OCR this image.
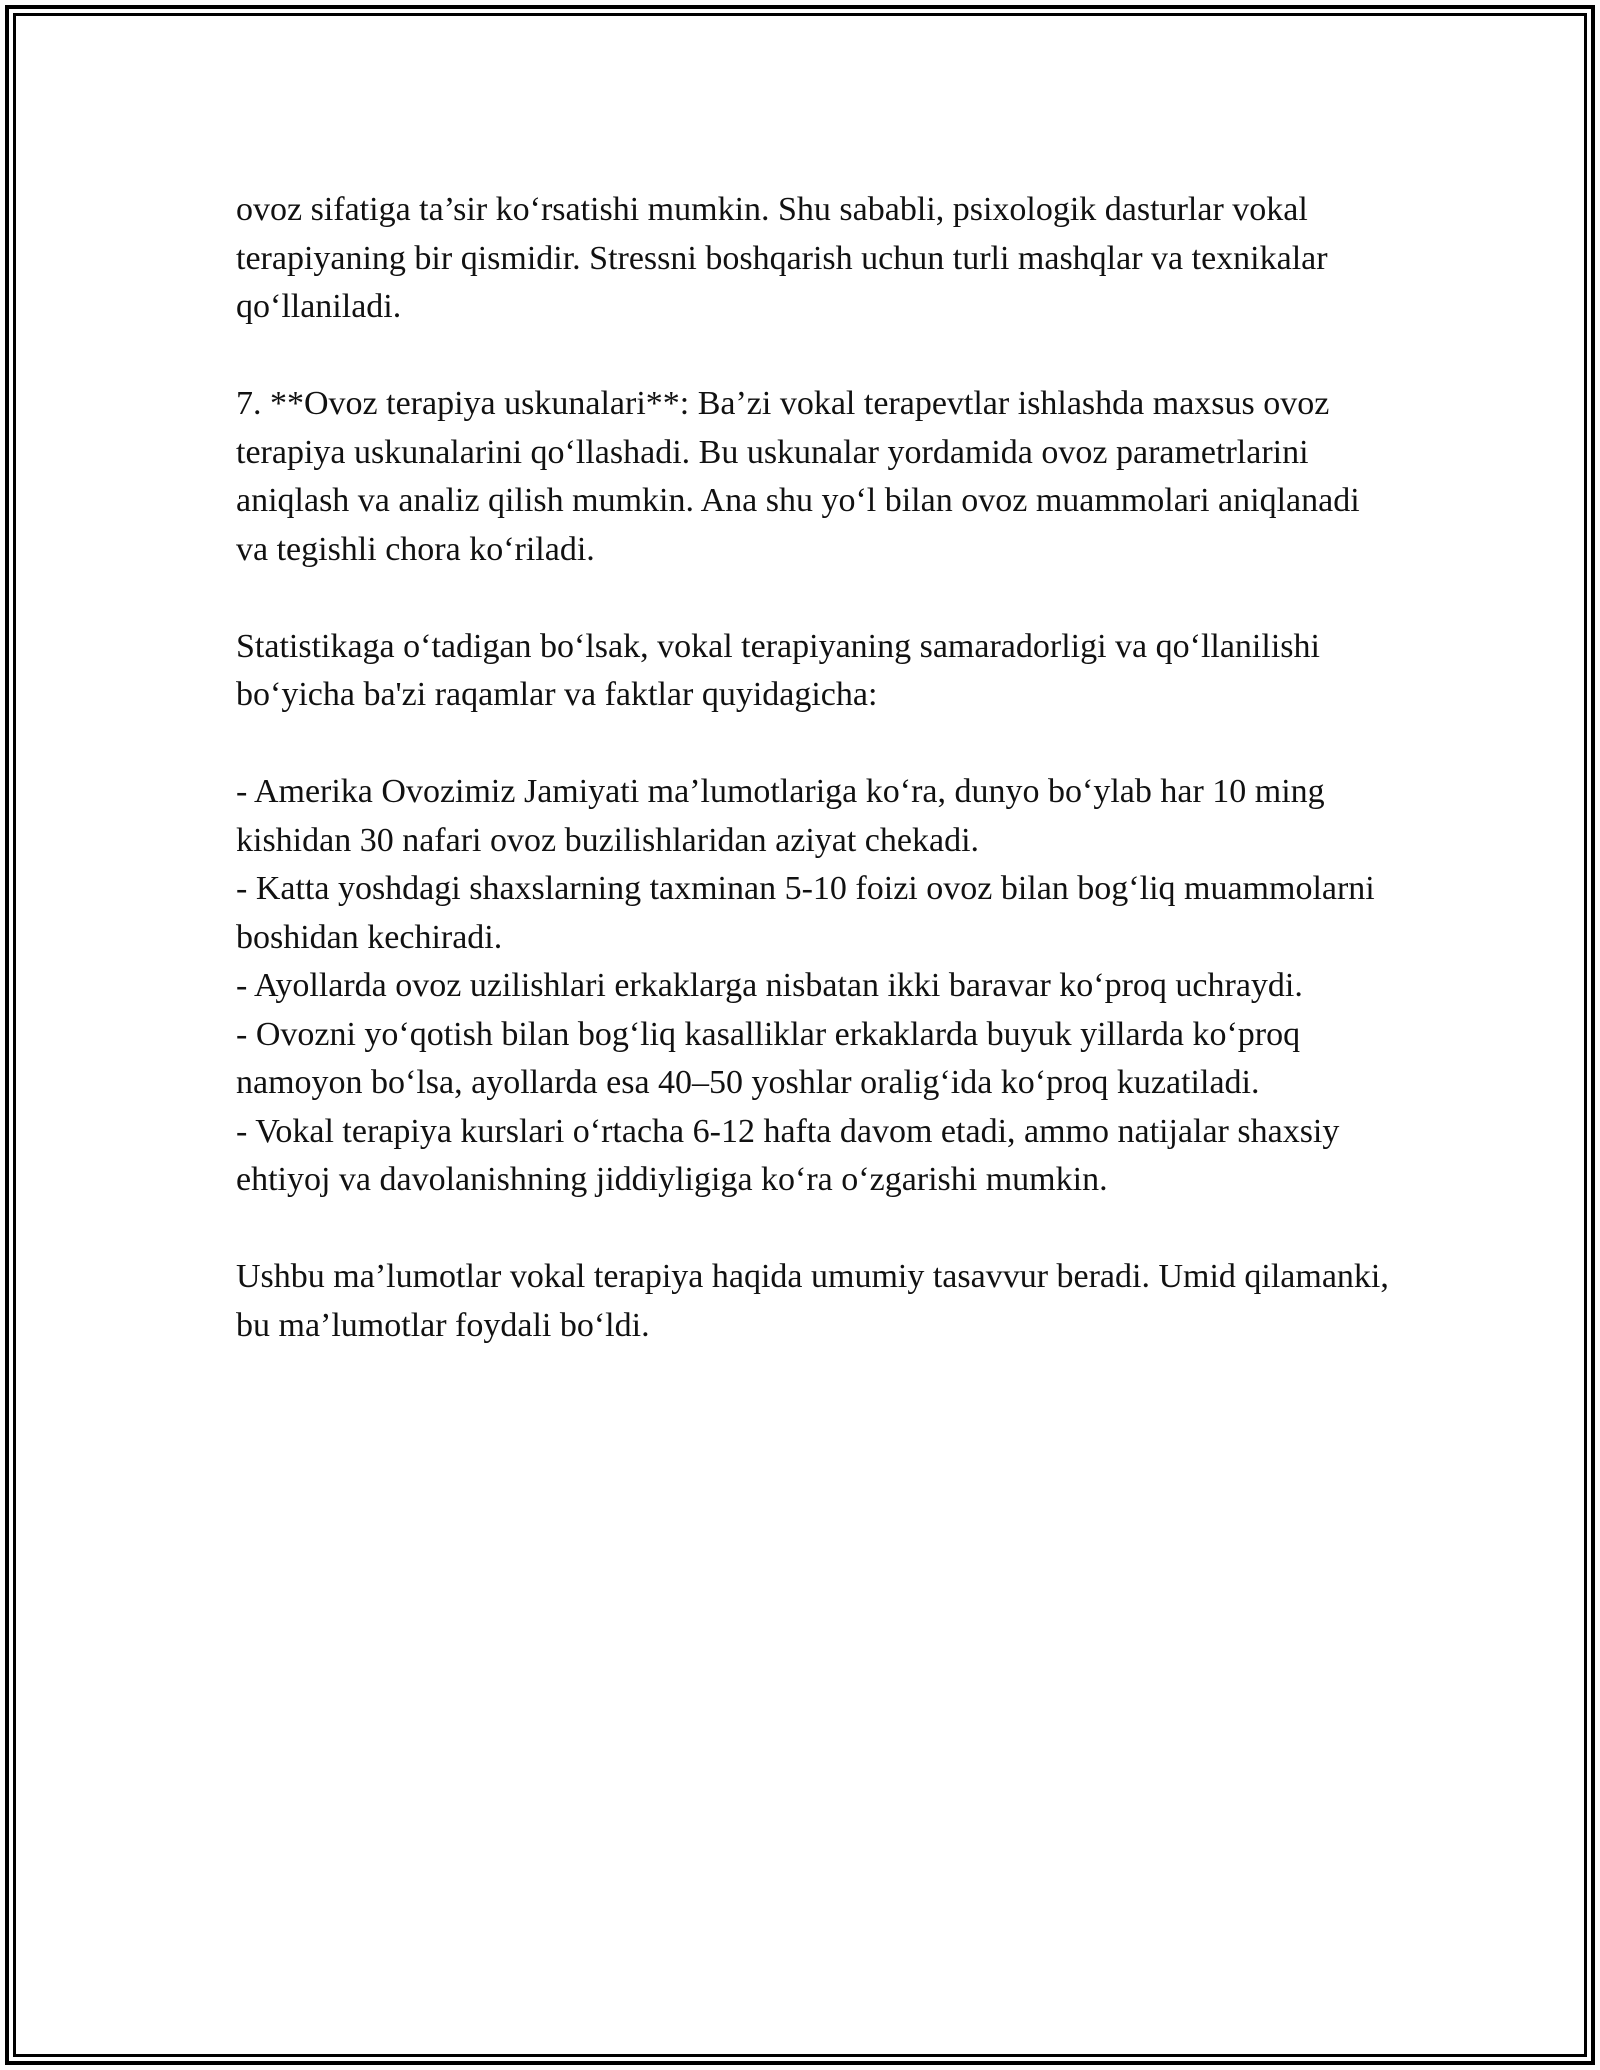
ovoz sifatiga ta’sir ko‘rsatishi mumkin. Shu sababli, psixologik dasturlar vokal terapiyaning bir qismidir. Stressni boshqarish uchun turli mashqlar va texnikalar qo‘llaniladi.

7. **Ovoz terapiya uskunalari**: Ba’zi vokal terapevtlar ishlashda maxsus ovoz terapiya uskunalarini qo‘llashadi. Bu uskunalar yordamida ovoz parametrlarini aniqlash va analiz qilish mumkin. Ana shu yo‘l bilan ovoz muammolari aniqlanadi va tegishli chora ko‘riladi.

Statistikaga o‘tadigan bo‘lsak, vokal terapiyaning samaradorligi va qo‘llanilishi bo‘yicha ba'zi raqamlar va faktlar quyidagicha:

- Amerika Ovozimiz Jamiyati ma’lumotlariga ko‘ra, dunyo bo‘ylab har 10 ming kishidan 30 nafari ovoz buzilishlaridan aziyat chekadi.
- Katta yoshdagi shaxslarning taxminan 5-10 foizi ovoz bilan bog‘liq muammolarni boshidan kechiradi.
- Ayollarda ovoz uzilishlari erkaklarga nisbatan ikki baravar ko‘proq uchraydi.
- Ovozni yo‘qotish bilan bog‘liq kasalliklar erkaklarda buyuk yillarda ko‘proq namoyon bo‘lsa, ayollarda esa 40–50 yoshlar oralig‘ida ko‘proq kuzatiladi.
- Vokal terapiya kurslari o‘rtacha 6-12 hafta davom etadi, ammo natijalar shaxsiy ehtiyoj va davolanishning jiddiyligiga ko‘ra o‘zgarishi mumkin.

Ushbu ma’lumotlar vokal terapiya haqida umumiy tasavvur beradi. Umid qilamanki, bu ma’lumotlar foydali bo‘ldi.
